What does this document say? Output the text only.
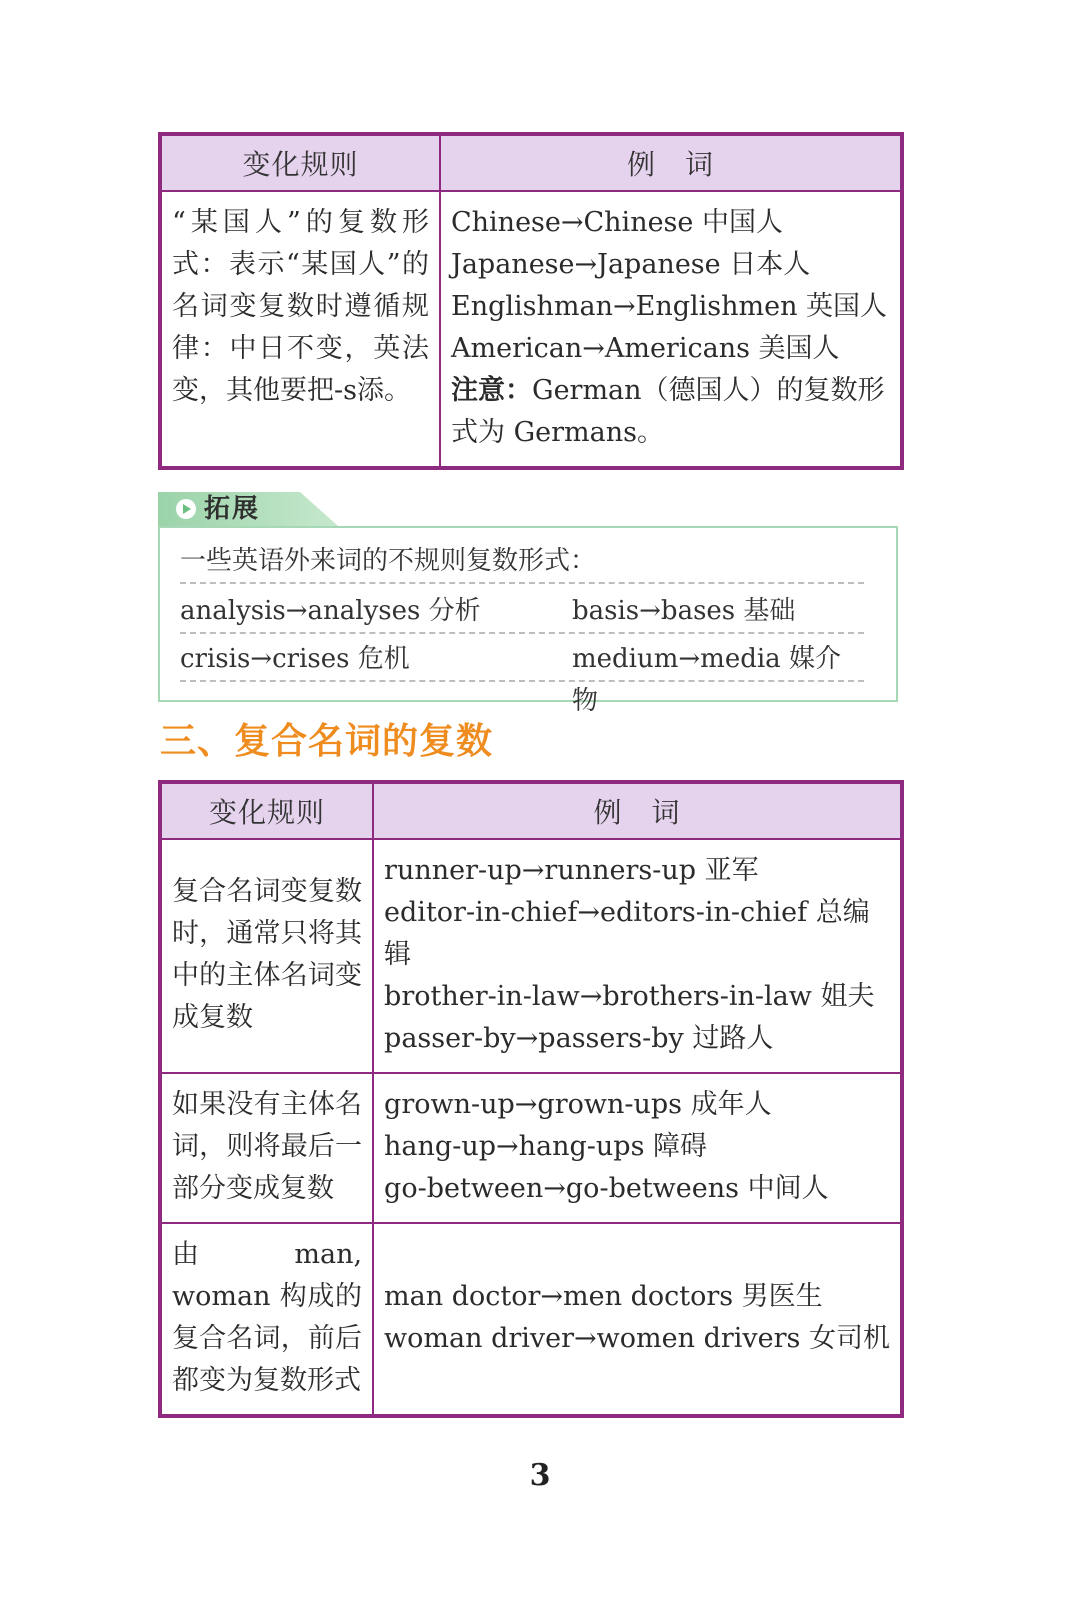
变化规则	例　词
“某国人”的复数形式：表示“某国人”的名词变复数时遵循规律：中日不变，英法变，其他要把-s添。	Chinese→Chinese 中国人
Japanese→Japanese 日本人
Englishman→Englishmen 英国人
American→Americans 美国人
注意：German（德国人）的复数形式为 Germans。
拓展
一些英语外来词的不规则复数形式：
analysis→analyses 分析	basis→bases 基础
crisis→crises 危机	medium→media 媒介物
三、复合名词的复数
变化规则	例　词
复合名词变复数时，通常只将其中的主体名词变成复数	runner-up→runners-up 亚军
editor-in-chief→editors-in-chief 总编辑
brother-in-law→brothers-in-law 姐夫
passer-by→passers-by 过路人

如果没有主体名词，则将最后一部分变成复数	grown-up→grown-ups 成年人
hang-up→hang-ups 障碍
go-between→go-betweens 中间人

由 man, woman 构成的复合名词，前后都变为复数形式	man doctor→men doctors 男医生
woman driver→women drivers 女司机
3
